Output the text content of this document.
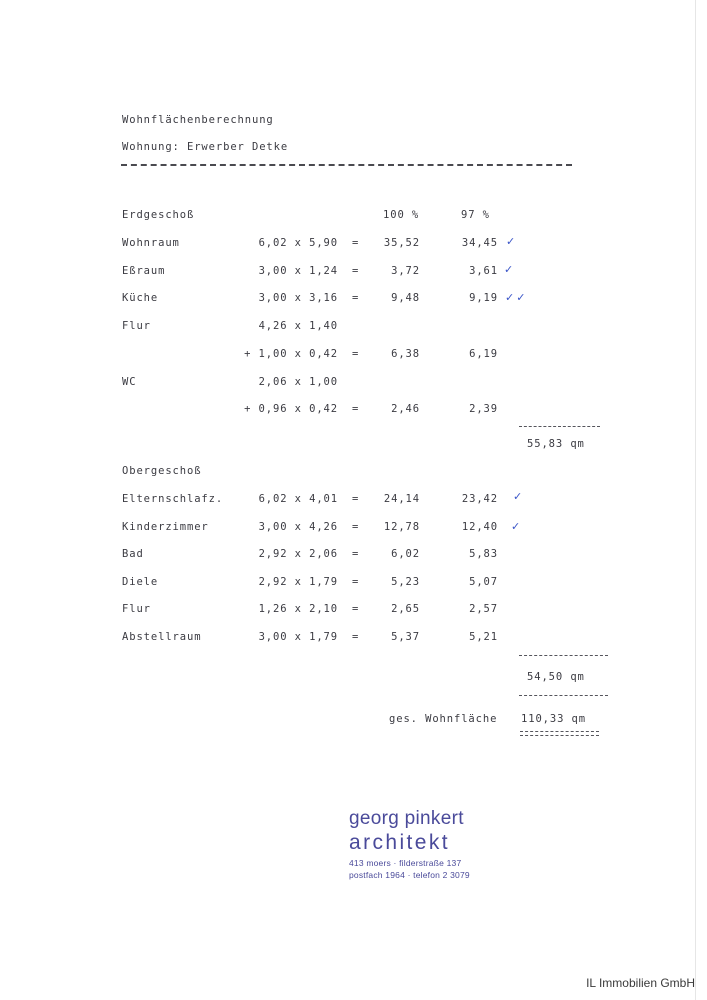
Wohnflächenberechnung
Wohnung: Erwerber Detke
Erdgeschoß	100 %	97 %
Wohnraum	6,02 x 5,90 =	35,52	34,45 ✓
Eßraum	3,00 x 1,24 =	3,72	3,61 ✓
Küche	3,00 x 3,16 =	9,48	9,19 ✓✓
Flur	4,26 x 1,40
+ 1,00 x 0,42 =	6,38	6,19
WC	2,06 x 1,00
+ 0,96 x 0,42 =	2,46	2,39
55,83 qm
Obergeschoß
Elternschlafz.	6,02 x 4,01 =	24,14	23,42 ✓
Kinderzimmer	3,00 x 4,26 =	12,78	12,40 ✓
Bad	2,92 x 2,06 =	6,02	5,83
Diele	2,92 x 1,79 =	5,23	5,07
Flur	1,26 x 2,10 =	2,65	2,57
Abstellraum	3,00 x 1,79 =	5,37	5,21
54,50 qm
ges. Wohnfläche 110,33 qm
georg pinkert
architekt
413 moers · filderstraße 137
postfach 1964 · telefon 2 3079
IL Immobilien GmbH
